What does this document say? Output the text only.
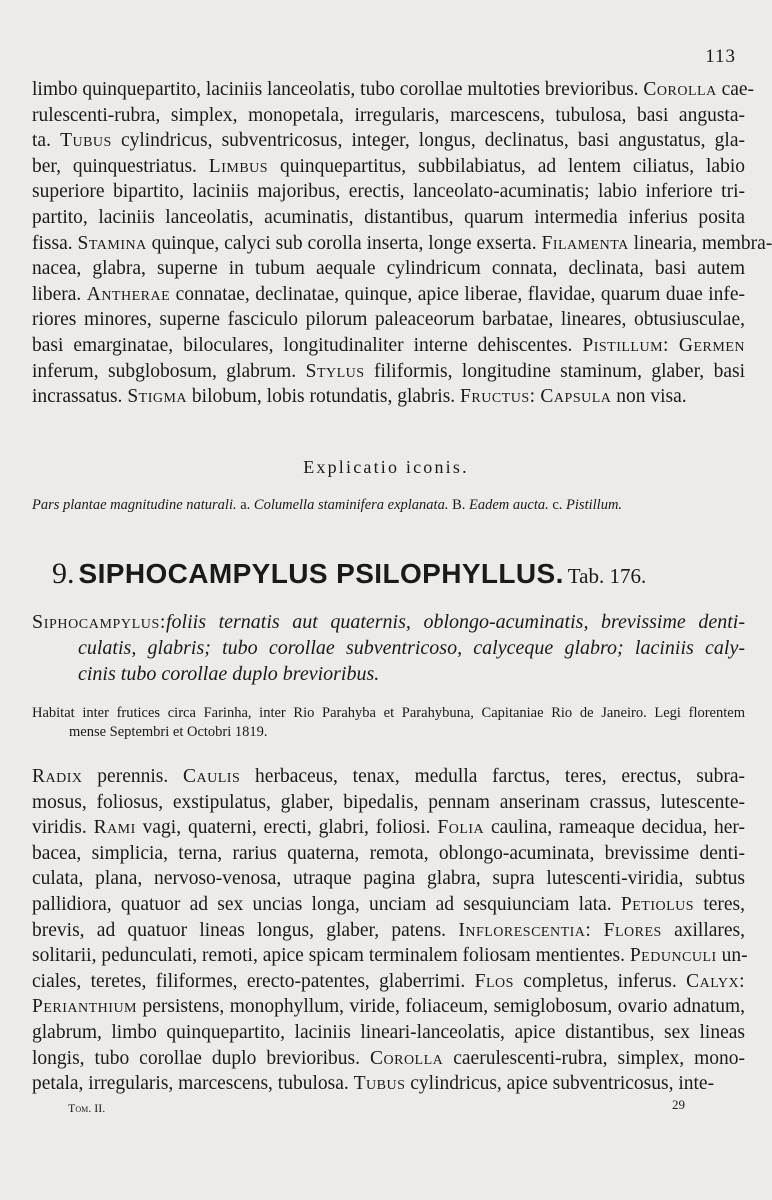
113
limbo quinquepartito, laciniis lanceolatis, tubo corollae multoties brevioribus. Corolla cae-
rulescenti-rubra, simplex, monopetala, irregularis, marcescens, tubulosa, basi angusta-
ta. Tubus cylindricus, subventricosus, integer, longus, declinatus, basi angustatus, gla-
ber, quinquestriatus. Limbus quinquepartitus, subbilabiatus, ad lentem ciliatus, labio
superiore bipartito, laciniis majoribus, erectis, lanceolato-acuminatis; labio inferiore tri-
partito, laciniis lanceolatis, acuminatis, distantibus, quarum intermedia inferius posita
fissa. Stamina quinque, calyci sub corolla inserta, longe exserta. Filamenta linearia, membra-
nacea, glabra, superne in tubum aequale cylindricum connata, declinata, basi autem
libera. Antherae connatae, declinatae, quinque, apice liberae, flavidae, quarum duae infe-
riores minores, superne fasciculo pilorum paleaceorum barbatae, lineares, obtusiusculae,
basi emarginatae, biloculares, longitudinaliter interne dehiscentes. Pistillum: Germen
inferum, subglobosum, glabrum. Stylus filiformis, longitudine staminum, glaber, basi
incrassatus. Stigma bilobum, lobis rotundatis, glabris. Fructus: Capsula non visa.
Explicatio iconis.
Pars plantae magnitudine naturali. a. Columella staminifera explanata. B. Eadem aucta. c. Pistillum.
9. SIPHOCAMPYLUS PSILOPHYLLUS. Tab. 176.
Siphocampylus:foliis ternatis aut quaternis, oblongo-acuminatis, brevissime denti-
culatis, glabris; tubo corollae subventricoso, calyceque glabro; laciniis caly-
cinis tubo corollae duplo brevioribus.
Habitat inter frutices circa Farinha, inter Rio Parahyba et Parahybuna, Capitaniae Rio de Janeiro. Legi florentem
mense Septembri et Octobri 1819.
Radix perennis. Caulis herbaceus, tenax, medulla farctus, teres, erectus, subra-
mosus, foliosus, exstipulatus, glaber, bipedalis, pennam anserinam crassus, lutescente-
viridis. Rami vagi, quaterni, erecti, glabri, foliosi. Folia caulina, rameaque decidua, her-
bacea, simplicia, terna, rarius quaterna, remota, oblongo-acuminata, brevissime denti-
culata, plana, nervoso-venosa, utraque pagina glabra, supra lutescenti-viridia, subtus
pallidiora, quatuor ad sex uncias longa, unciam ad sesquiunciam lata. Petiolus teres,
brevis, ad quatuor lineas longus, glaber, patens. Inflorescentia: Flores axillares,
solitarii, pedunculati, remoti, apice spicam terminalem foliosam mentientes. Pedunculi un-
ciales, teretes, filiformes, erecto-patentes, glaberrimi. Flos completus, inferus. Calyx:
Perianthium persistens, monophyllum, viride, foliaceum, semiglobosum, ovario adnatum,
glabrum, limbo quinquepartito, laciniis lineari-lanceolatis, apice distantibus, sex lineas
longis, tubo corollae duplo brevioribus. Corolla caerulescenti-rubra, simplex, mono-
petala, irregularis, marcescens, tubulosa. Tubus cylindricus, apice subventricosus, inte-
Tom. II.	29
